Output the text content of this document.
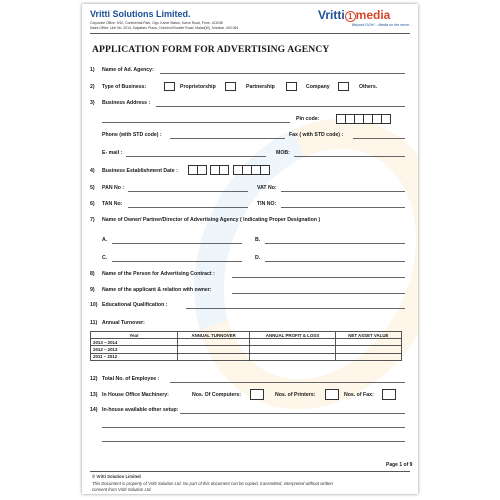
Vritti Solutions Limited.
Corporate Office: 9/10, Continental Park, Opp. Karve Statue, Karve Road, Pune -411038
Sales Office: Unit No. 2014, Kalpataru Plaza, Chinchoil Bunder Road, Malad(W), Mumbai -400 064
Vritti 1 media
Beyond OOH! ...Media on the move...
APPLICATION FORM FOR ADVERTISING AGENCY
1) Name of Ad. Agency:
2) Type of Business:	Proprietorship	Partnership	Company	Others.
3) Business Address :
Pin code:
Phone (with STD code) :	Fax ( with STD code) :
E- mail :	MOB:
4) Business Establishment Date :
5) PAN No :	VAT No:
6) TAN No:	TIN NO:
7) Name of Owner/ Partner/Director of Advertising Agency ( Indicating Proper Designation )
A.	B.
C.	D.
8) Name of the Person for Advertising Contract :
9) Name of the applicant & relation with owner:
10) Educational Qualification :
11) Annual Turnover:
Year	ANNUAL TURNOVER	ANNUAL PROFIT & LOSS	NET ASSET VALUE
2013 – 2014			
2012 – 2013			
2011 – 2012			
12) Total No. of Employee :
13) In House Office Machinery:	Nos. Of Computers:	Nos. of Printers:	Nos. of Fax:
14) In-house available other setup:
Page 1 of 9
© Vritti Solution Limited
This Document is property of Vritti Solution Ltd. No part of this document can be copied, transmitted, interpreted without written
consent from Vritti Solution Ltd.
